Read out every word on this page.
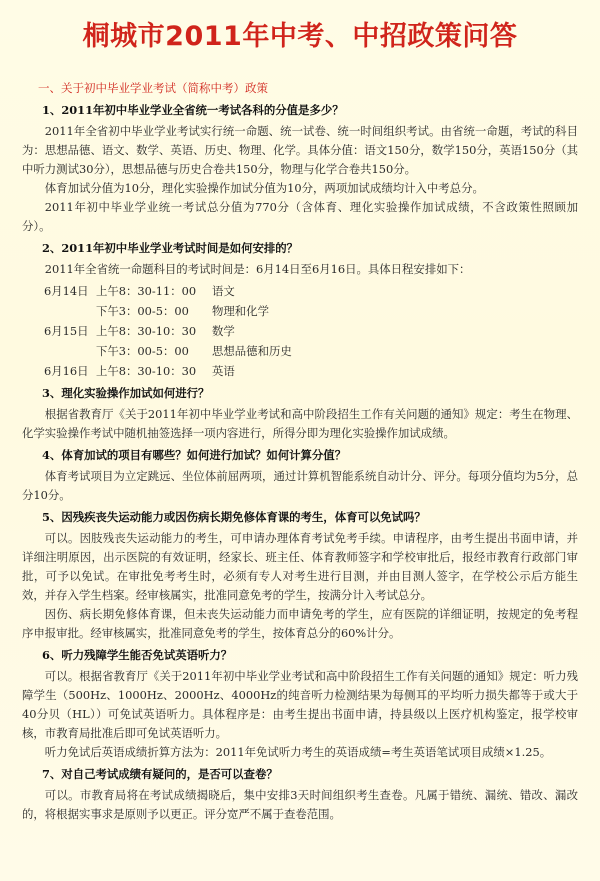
桐城市2011年中考、中招政策问答
一、关于初中毕业学业考试（简称中考）政策
1、2011年初中毕业学业全省统一考试各科的分值是多少？

2011年全省初中毕业学业考试实行统一命题、统一试卷、统一时间组织考试。由省统一命题，考试的科目为：思想品德、语文、数学、英语、历史、物理、化学。具体分值：语文150分，数学150分，英语150分（其中听力测试30分），思想品德与历史合卷共150分，物理与化学合卷共150分。

体育加试分值为10分，理化实验操作加试分值为10分，两项加试成绩均计入中考总分。

2011年初中毕业学业统一考试总分值为770分（含体育、理化实验操作加试成绩，不含政策性照顾加分）。

2、2011年初中毕业学业考试时间是如何安排的？

2011年全省统一命题科目的考试时间是：6月14日至6月16日。具体日程安排如下：

6月14日 上午8：30-11：00	语文
下午3：00-5：00	物理和化学
6月15日 上午8：30-10：30	数学
下午3：00-5：00	思想品德和历史
6月16日 上午8：30-10：30	英语
3、理化实验操作加试如何进行？

根据省教育厅《关于2011年初中毕业学业考试和高中阶段招生工作有关问题的通知》规定：考生在物理、化学实验操作考试中随机抽签选择一项内容进行，所得分即为理化实验操作加试成绩。

4、体育加试的项目有哪些？如何进行加试？如何计算分值？

体育考试项目为立定跳远、坐位体前屈两项，通过计算机智能系统自动计分、评分。每项分值均为5分，总分10分。

5、因残疾丧失运动能力或因伤病长期免修体育课的考生，体育可以免试吗？

可以。因肢残丧失运动能力的考生，可申请办理体育考试免考手续。申请程序，由考生提出书面申请，并详细注明原因，出示医院的有效证明，经家长、班主任、体育教师签字和学校审批后，报经市教育行政部门审批，可予以免试。在审批免考考生时，必须有专人对考生进行目测，并由目测人签字，在学校公示后方能生效，并存入学生档案。经审核属实，批准同意免考的学生，按满分计入考试总分。

因伤、病长期免修体育课，但未丧失运动能力而申请免考的学生，应有医院的详细证明，按规定的免考程序申报审批。经审核属实，批准同意免考的学生，按体育总分的60%计分。

6、听力残障学生能否免试英语听力？

可以。根据省教育厅《关于2011年初中毕业学业考试和高中阶段招生工作有关问题的通知》规定：听力残障学生（500Hz、1000Hz、2000Hz、4000Hz的纯音听力检测结果为每侧耳的平均听力损失都等于或大于40分贝（HL））可免试英语听力。具体程序是：由考生提出书面申请，持县级以上医疗机构鉴定，报学校审核，市教育局批准后即可免试英语听力。

听力免试后英语成绩折算方法为：2011年免试听力考生的英语成绩=考生英语笔试项目成绩×1.25。

7、对自己考试成绩有疑问的，是否可以查卷？

可以。市教育局将在考试成绩揭晓后，集中安排3天时间组织考生查卷。凡属于错统、漏统、错改、漏改的，将根据实事求是原则予以更正。评分宽严不属于查卷范围。
